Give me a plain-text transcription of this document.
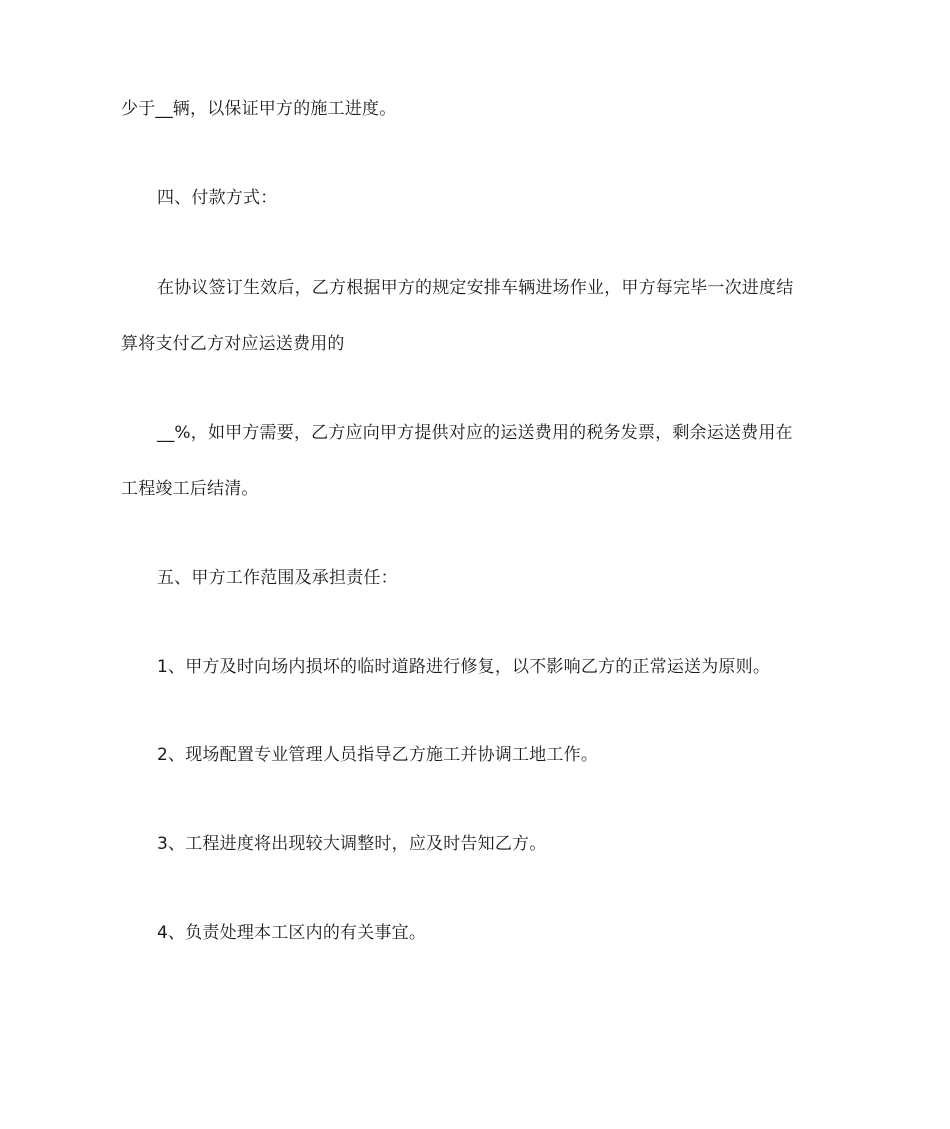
少于__辆，以保证甲方的施工进度。
四、付款方式：
在协议签订生效后，乙方根据甲方的规定安排车辆进场作业，甲方每完毕一次进度结
算将支付乙方对应运送费用的
__%，如甲方需要，乙方应向甲方提供对应的运送费用的税务发票，剩余运送费用在
工程竣工后结清。
五、甲方工作范围及承担责任：
1、甲方及时向场内损坏的临时道路进行修复，以不影响乙方的正常运送为原则。
2、现场配置专业管理人员指导乙方施工并协调工地工作。
3、工程进度将出现较大调整时，应及时告知乙方。
4、负责处理本工区内的有关事宜。
